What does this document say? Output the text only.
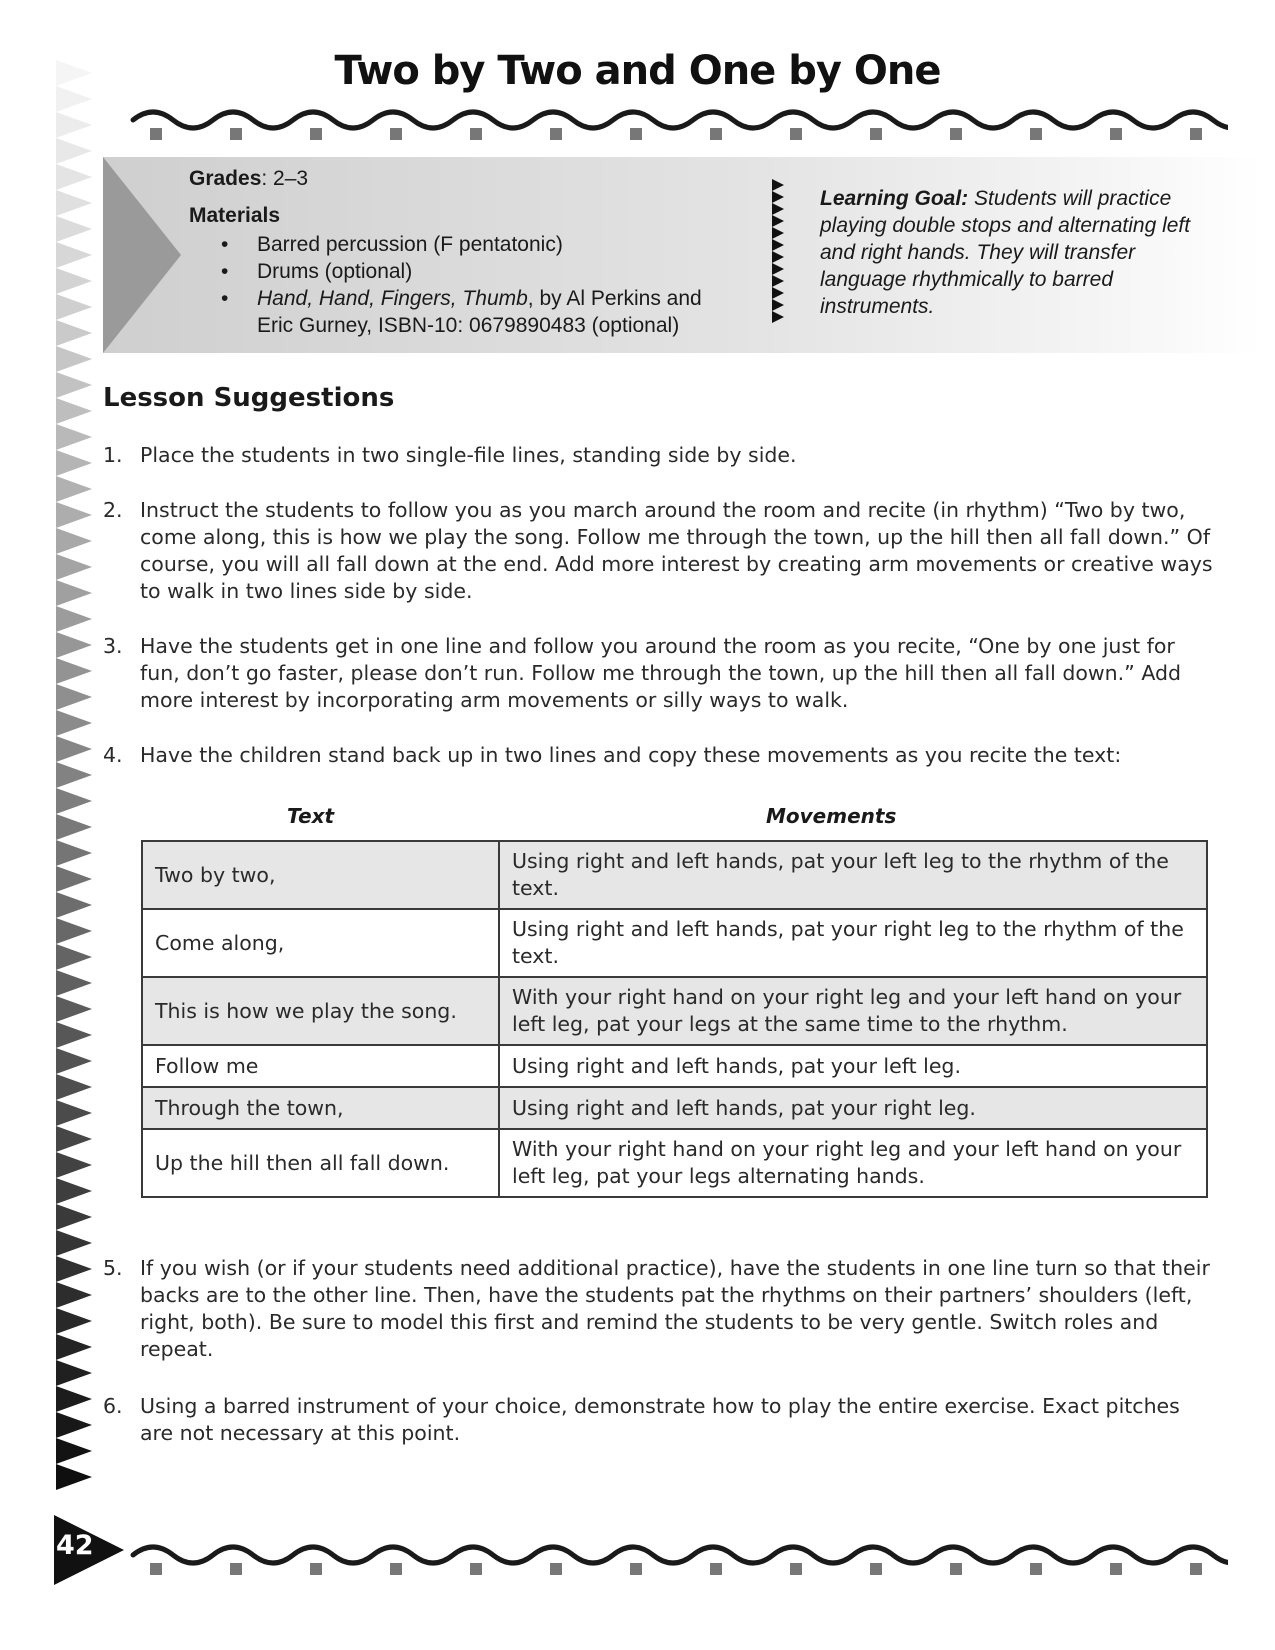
Two by Two and One by One
Grades: 2–3
Materials
• Barred percussion (F pentatonic)
• Drums (optional)
• Hand, Hand, Fingers, Thumb, by Al Perkins and Eric Gurney, ISBN-10: 0679890483 (optional)
Learning Goal: Students will practice playing double stops and alternating left and right hands. They will transfer language rhythmically to barred instruments.
Lesson Suggestions
1. Place the students in two single-file lines, standing side by side.
2. Instruct the students to follow you as you march around the room and recite (in rhythm) “Two by two, come along, this is how we play the song. Follow me through the town, up the hill then all fall down.” Of course, you will all fall down at the end. Add more interest by creating arm movements or creative ways to walk in two lines side by side.
3. Have the students get in one line and follow you around the room as you recite, “One by one just for fun, don’t go faster, please don’t run. Follow me through the town, up the hill then all fall down.” Add more interest by incorporating arm movements or silly ways to walk.
4. Have the children stand back up in two lines and copy these movements as you recite the text:
Text	Movements
Two by two,	Using right and left hands, pat your left leg to the rhythm of the text.
Come along,	Using right and left hands, pat your right leg to the rhythm of the text.
This is how we play the song.	With your right hand on your right leg and your left hand on your left leg, pat your legs at the same time to the rhythm.
Follow me	Using right and left hands, pat your left leg.
Through the town,	Using right and left hands, pat your right leg.
Up the hill then all fall down.	With your right hand on your right leg and your left hand on your left leg, pat your legs alternating hands.
5. If you wish (or if your students need additional practice), have the students in one line turn so that their backs are to the other line. Then, have the students pat the rhythms on their partners’ shoulders (left, right, both). Be sure to model this first and remind the students to be very gentle. Switch roles and repeat.
6. Using a barred instrument of your choice, demonstrate how to play the entire exercise. Exact pitches are not necessary at this point.
42
